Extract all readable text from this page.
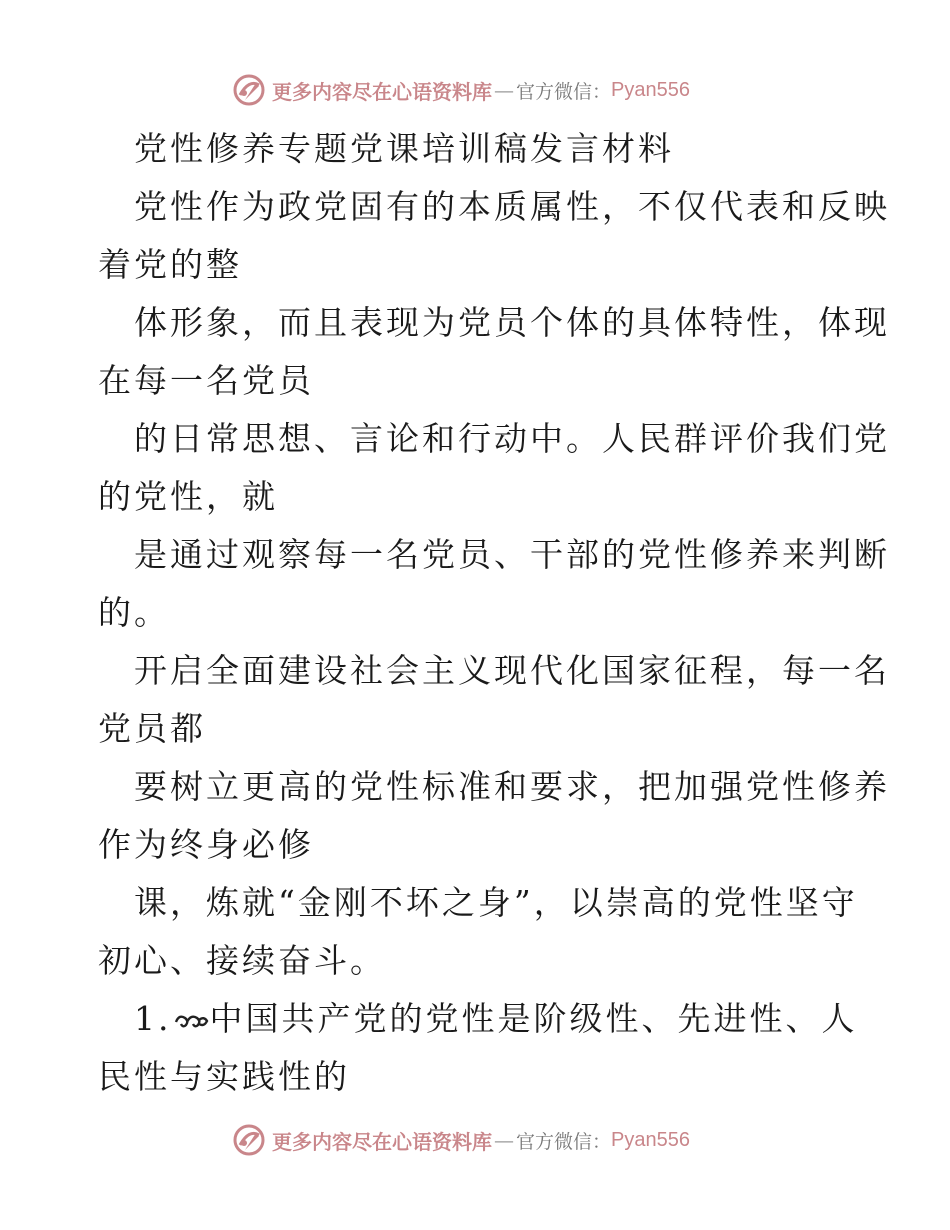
更多内容尽在心语资料库 — 官方微信： Pyan556
党性修养专题党课培训稿发言材料
党性作为政党固有的本质属性，不仅代表和反映
着党的整
体形象，而且表现为党员个体的具体特性，体现
在每一名党员
的日常思想、言论和行动中。人民群评价我们党
的党性，就
是通过观察每一名党员、干部的党性修养来判断
的。
开启全面建设社会主义现代化国家征程，每一名
党员都
要树立更高的党性标准和要求，把加强党性修养
作为终身必修
课，炼就“金刚不坏之身”，以崇高的党性坚守
初心、接续奋斗。
1. 中国共产党的党性是阶级性、先进性、人
民性与实践性的
更多内容尽在心语资料库 — 官方微信： Pyan556
